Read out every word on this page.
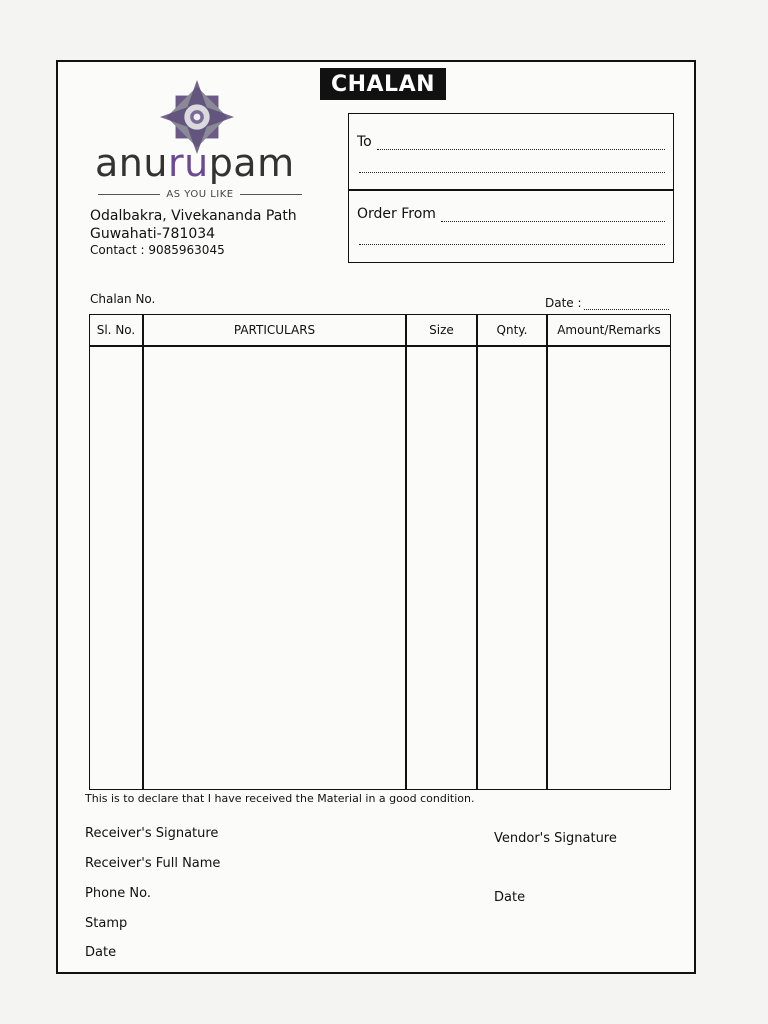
CHALAN
anurupam
AS YOU LIKE
Odalbakra, Vivekananda Path
Guwahati-781034
Contact : 9085963045
To
Order From
Chalan No.	Date :
Sl. No.	PARTICULARS	Size	Qnty.	Amount/Remarks
This is to declare that I have received the Material in a good condition.
Receiver's Signature
Receiver's Full Name
Phone No.
Stamp
Date
Vendor's Signature
Date
